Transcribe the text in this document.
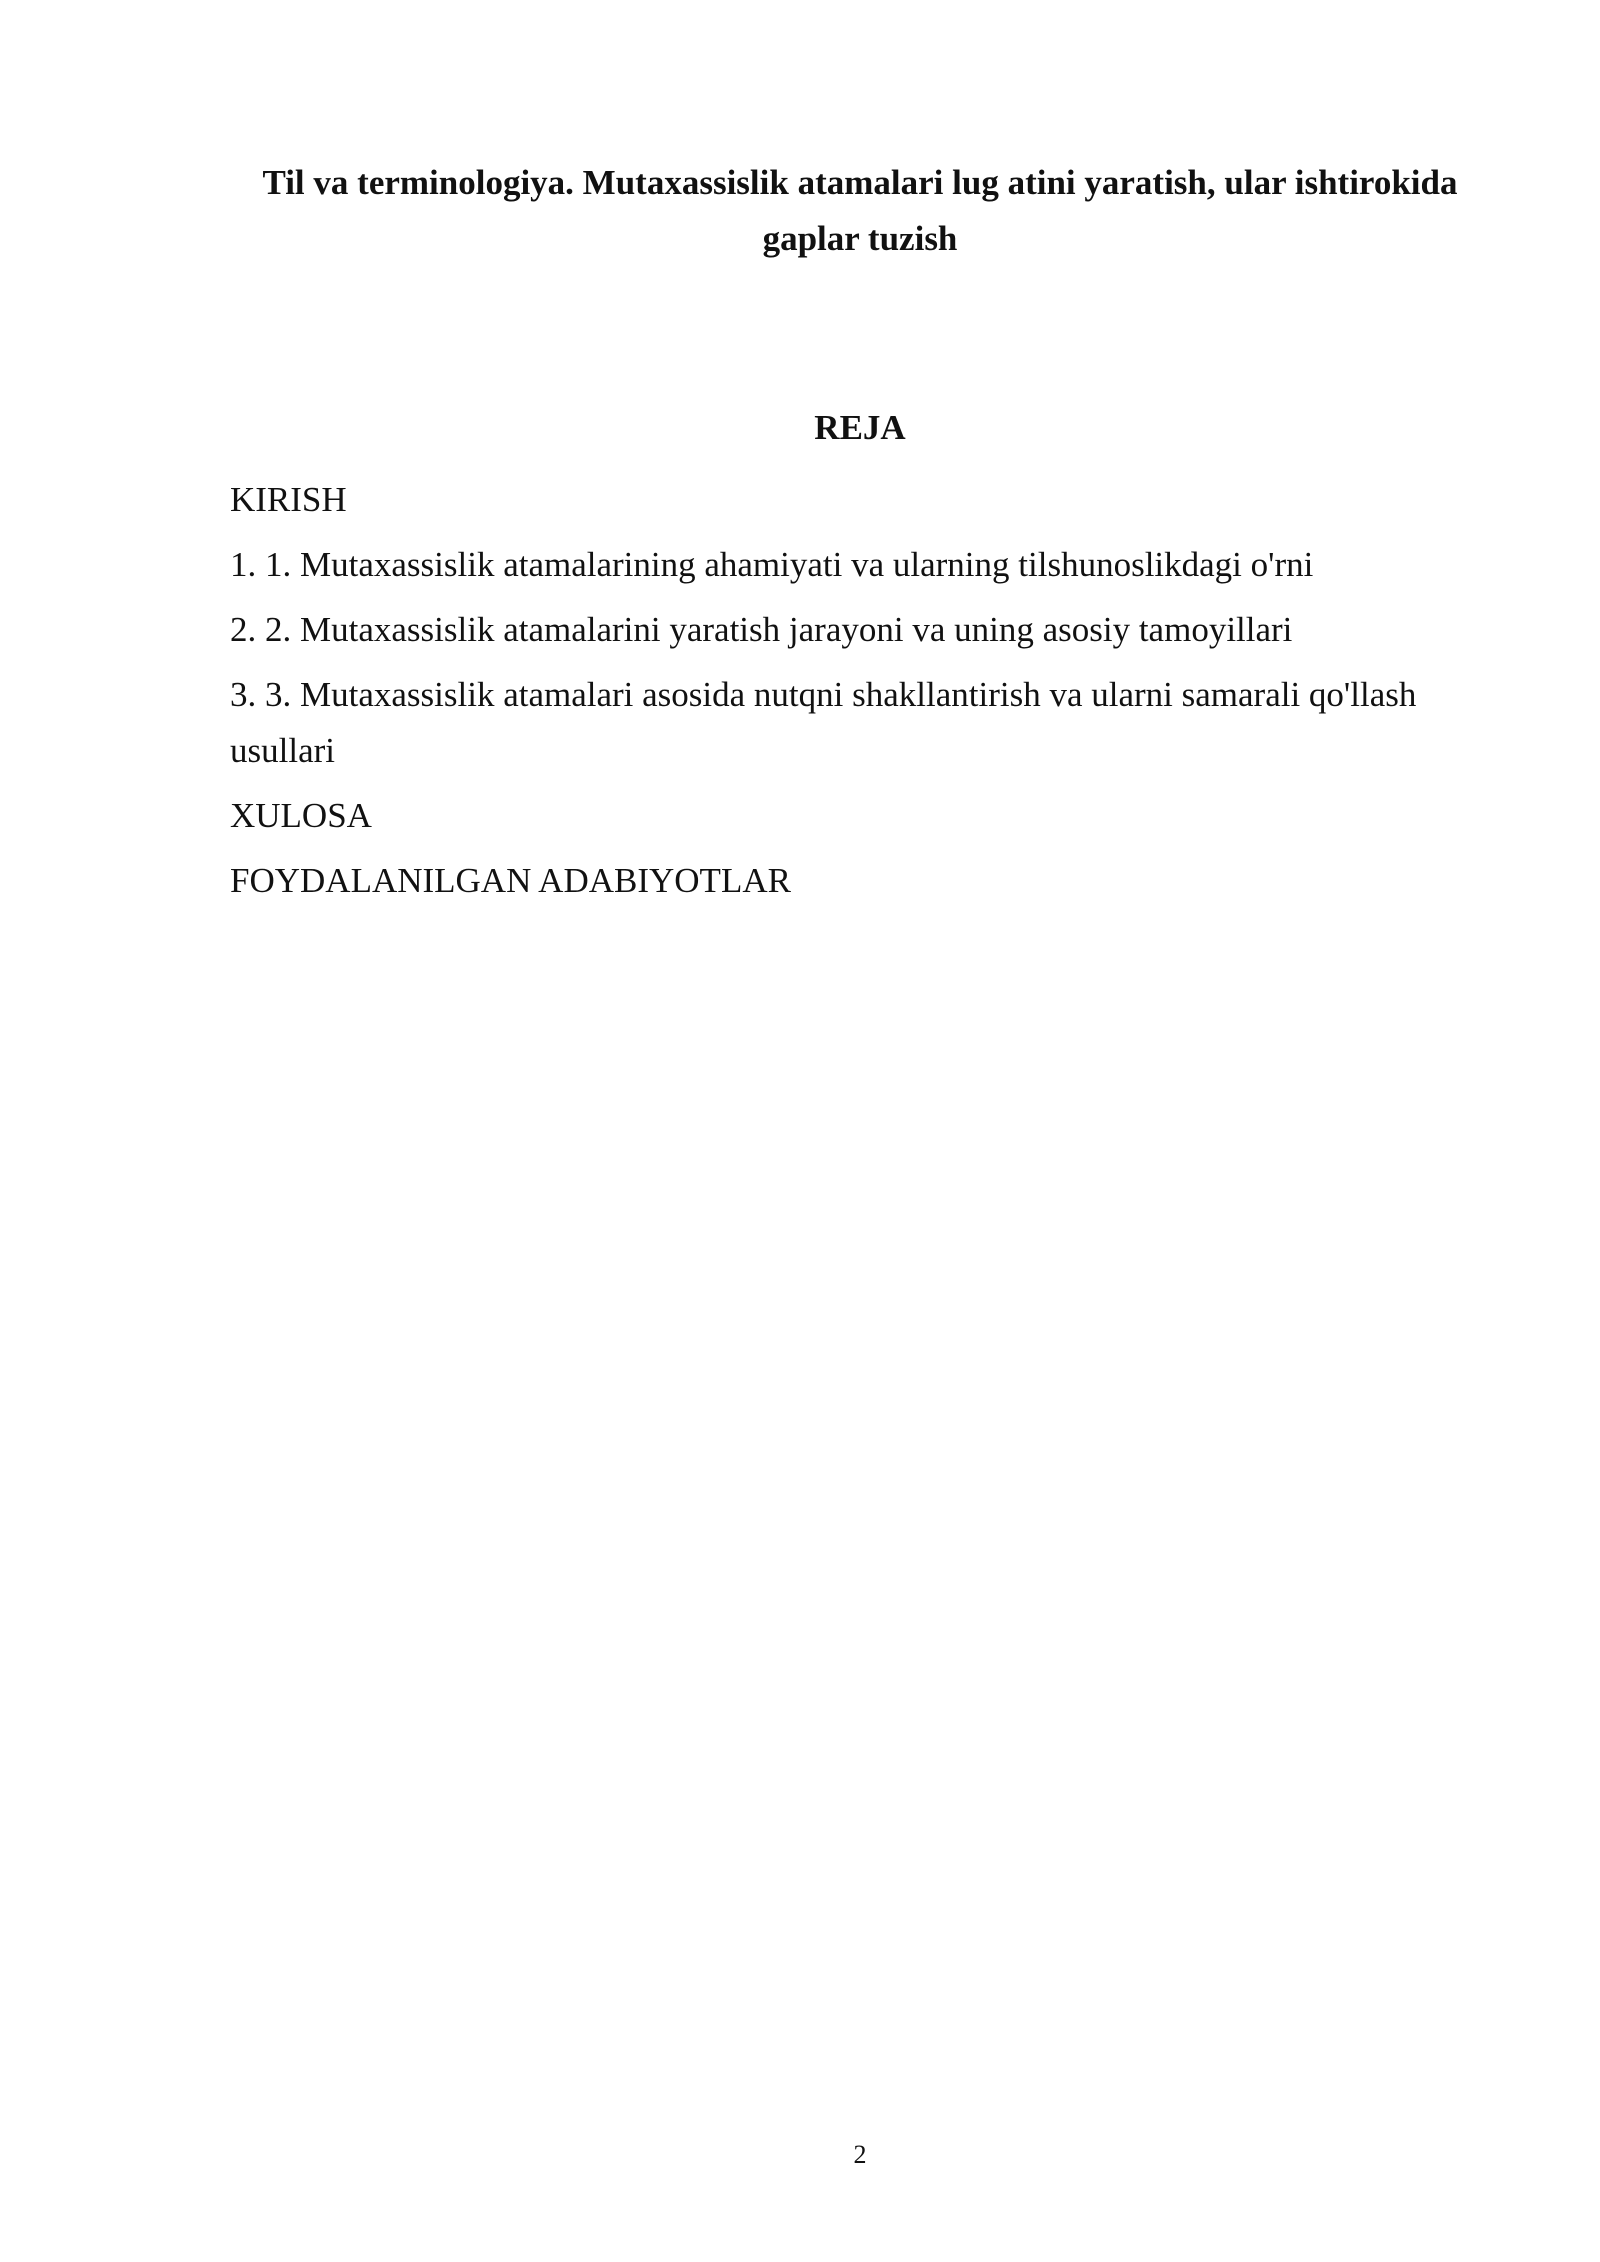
Til va terminologiya. Mutaxassislik atamalari lug atini yaratish, ular ishtirokida gaplar tuzish
REJA
KIRISH
1. 1. Mutaxassislik atamalarining ahamiyati va ularning tilshunoslikdagi o'rni
2. 2. Mutaxassislik atamalarini yaratish jarayoni va uning asosiy tamoyillari
3. 3. Mutaxassislik atamalari asosida nutqni shakllantirish va ularni samarali qo'llash usullari
XULOSA
FOYDALANILGAN ADABIYOTLAR
2
